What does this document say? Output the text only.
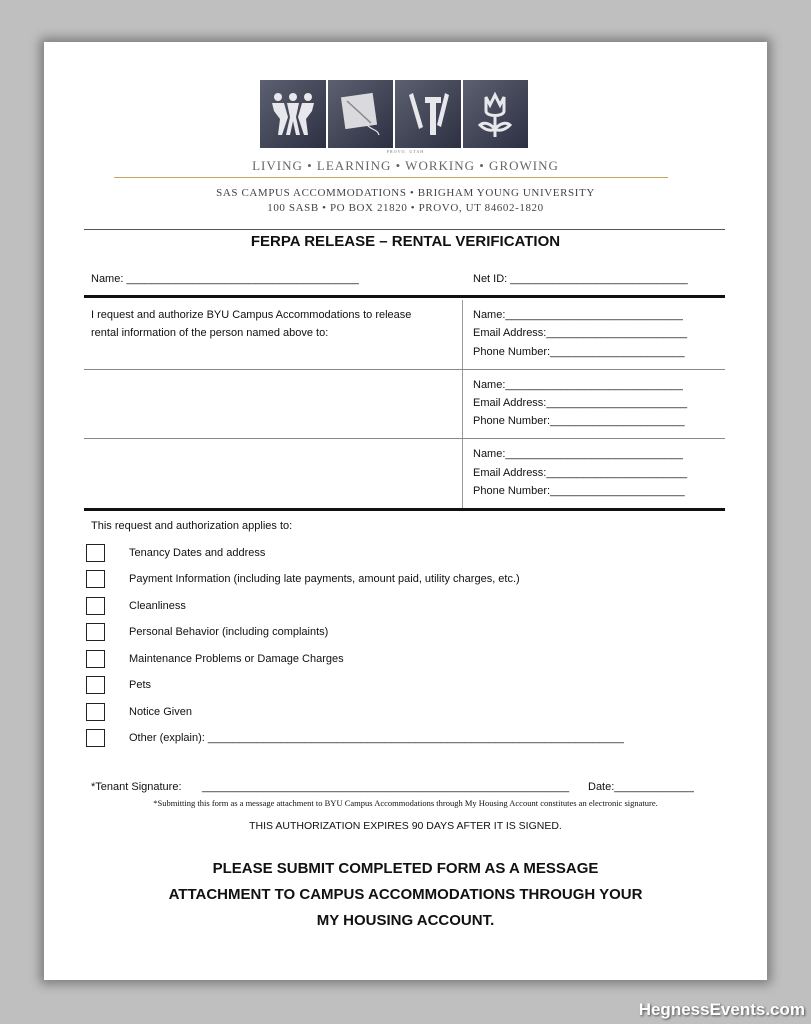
PROVO, UTAH
LIVING • LEARNING • WORKING • GROWING
SAS CAMPUS ACCOMMODATIONS • BRIGHAM YOUNG UNIVERSITY
100 SASB • PO BOX 21820 • PROVO, UT 84602-1820
FERPA RELEASE – RENTAL VERIFICATION
Name: ______________________________________	Net ID: _____________________________
I request and authorize BYU Campus Accommodations to release
rental information of the person named above to:
Name:_____________________________
Email Address:_______________________
Phone Number:______________________
Name:_____________________________
Email Address:_______________________
Phone Number:______________________
Name:_____________________________
Email Address:_______________________
Phone Number:______________________
This request and authorization applies to:
Tenancy Dates and address
Payment Information (including late payments, amount paid, utility charges, etc.)
Cleanliness
Personal Behavior (including complaints)
Maintenance Problems or Damage Charges
Pets
Notice Given
Other (explain): ____________________________________________________________________
*Tenant Signature: ____________________________________________________________ Date:_____________
*Submitting this form as a message attachment to BYU Campus Accommodations through My Housing Account constitutes an electronic signature.
THIS AUTHORIZATION EXPIRES 90 DAYS AFTER IT IS SIGNED.
PLEASE SUBMIT COMPLETED FORM AS A MESSAGE
ATTACHMENT TO CAMPUS ACCOMMODATIONS THROUGH YOUR
MY HOUSING ACCOUNT.
HegnessEvents.com
